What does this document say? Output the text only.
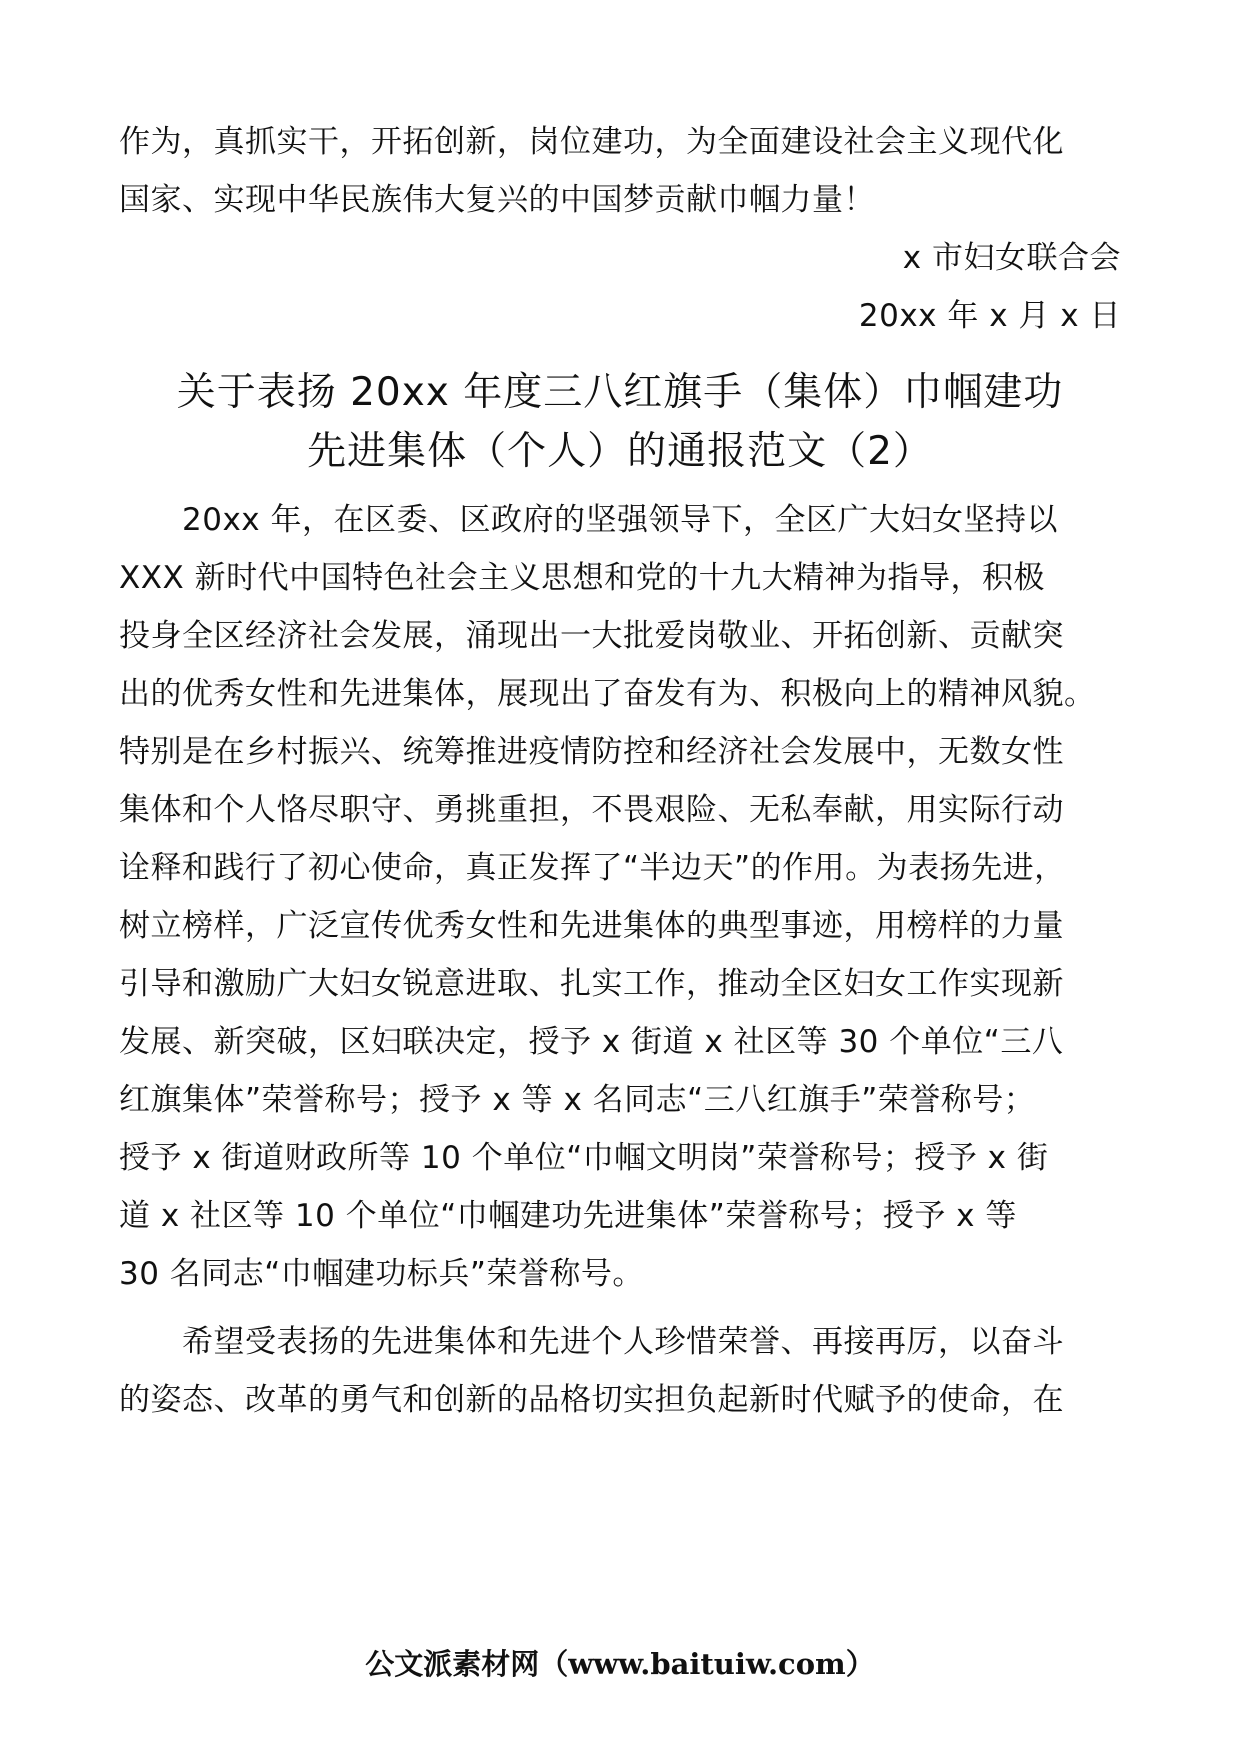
作为，真抓实干，开拓创新，岗位建功，为全面建设社会主义现代化
国家、实现中华民族伟大复兴的中国梦贡献巾帼力量！
x 市妇女联合会
20xx 年 x 月 x 日
关于表扬 20xx 年度三八红旗手（集体）巾帼建功
先进集体（个人）的通报范文（2）
20xx 年，在区委、区政府的坚强领导下，全区广大妇女坚持以
XXX 新时代中国特色社会主义思想和党的十九大精神为指导，积极
投身全区经济社会发展，涌现出一大批爱岗敬业、开拓创新、贡献突
出的优秀女性和先进集体，展现出了奋发有为、积极向上的精神风貌。
特别是在乡村振兴、统筹推进疫情防控和经济社会发展中，无数女性
集体和个人恪尽职守、勇挑重担，不畏艰险、无私奉献，用实际行动
诠释和践行了初心使命，真正发挥了“半边天”的作用。为表扬先进，
树立榜样，广泛宣传优秀女性和先进集体的典型事迹，用榜样的力量
引导和激励广大妇女锐意进取、扎实工作，推动全区妇女工作实现新
发展、新突破，区妇联决定，授予 x 街道 x 社区等 30 个单位“三八
红旗集体”荣誉称号；授予 x 等 x 名同志“三八红旗手”荣誉称号；
授予 x 街道财政所等 10 个单位“巾帼文明岗”荣誉称号；授予 x 街
道 x 社区等 10 个单位“巾帼建功先进集体”荣誉称号；授予 x 等
30 名同志“巾帼建功标兵”荣誉称号。
希望受表扬的先进集体和先进个人珍惜荣誉、再接再厉，以奋斗
的姿态、改革的勇气和创新的品格切实担负起新时代赋予的使命，在
公文派素材网（www.baituiw.com）
